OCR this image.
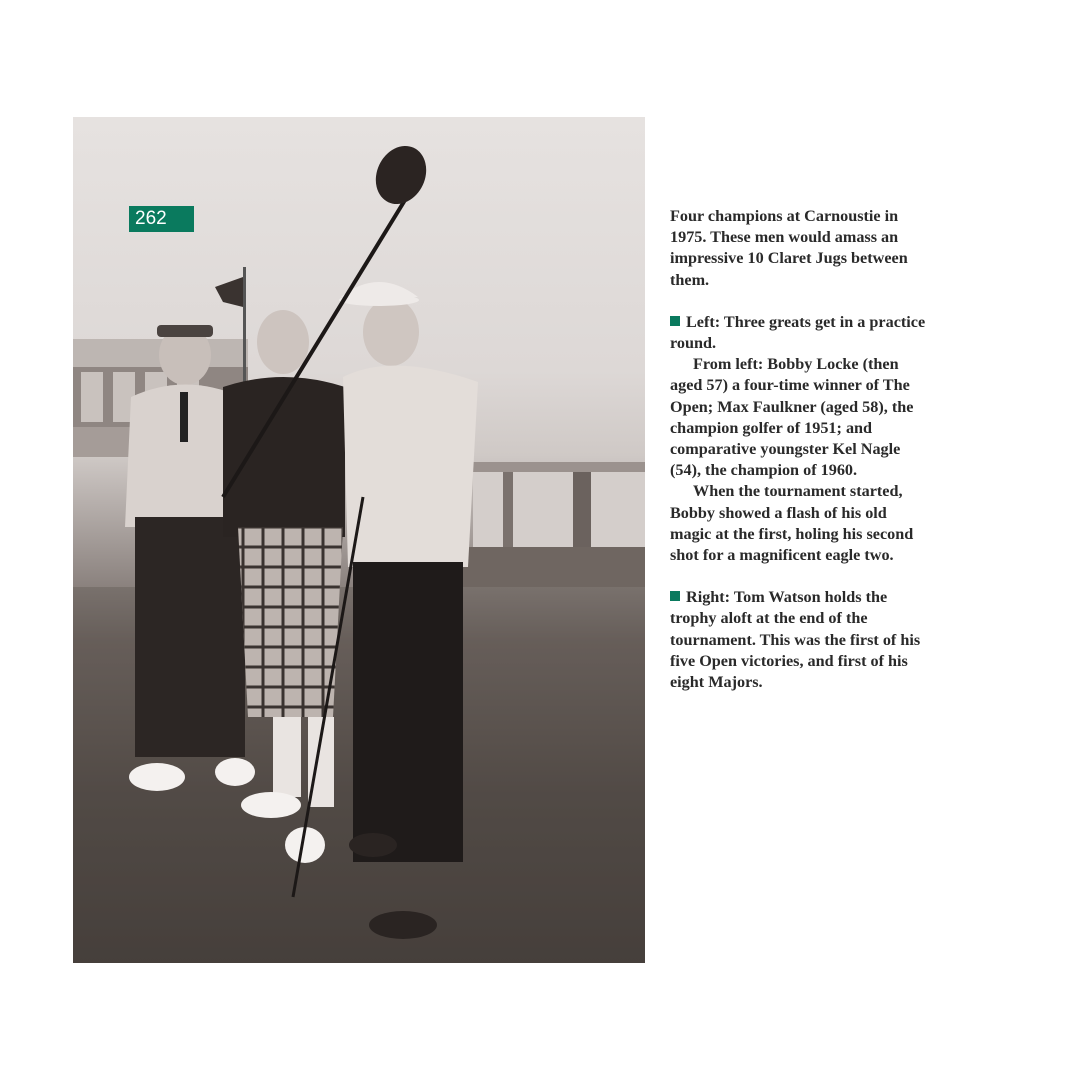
262	Four champions at Carnoustie in 1975. These men would amass an impressive 10 Claret Jugs between them.

Left: Three greats get in a practice round.

From left: Bobby Locke (then aged 57) a four-time winner of The Open; Max Faulkner (aged 58), the champion golfer of 1951; and comparative youngster Kel Nagle (54), the champion of 1960.

When the tournament started, Bobby showed a flash of his old magic at the first, holing his second shot for a magnificent eagle two.

Right: Tom Watson holds the trophy aloft at the end of the tournament. This was the first of his five Open victories, and first of his eight Majors.
